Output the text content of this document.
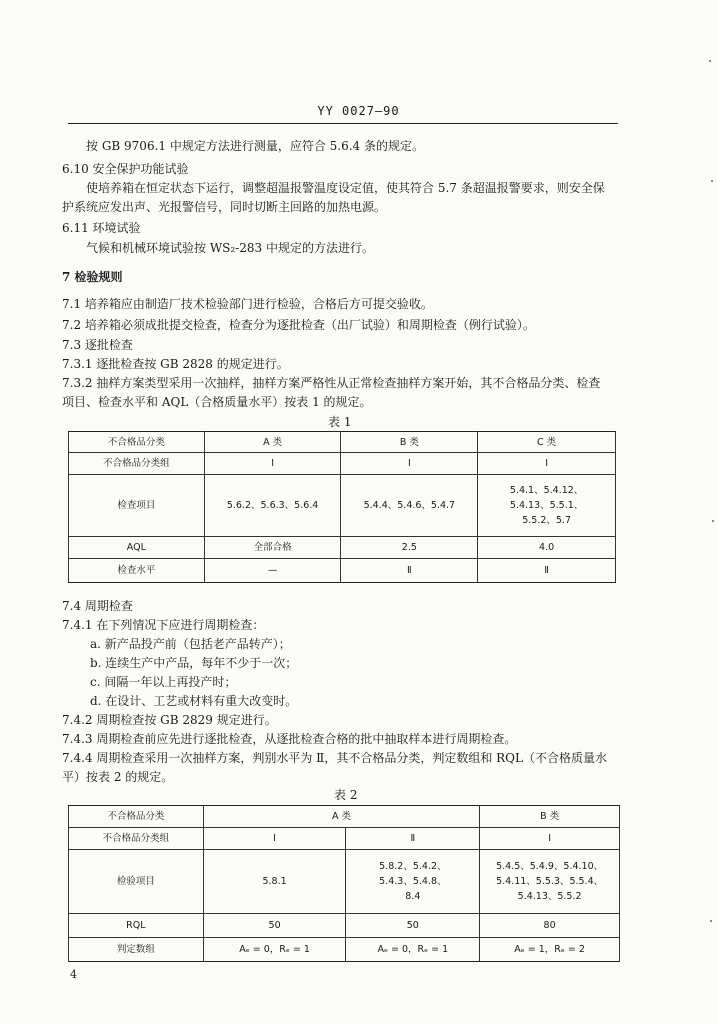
YY 0027—90
按 GB 9706.1 中规定方法进行测量，应符合 5.6.4 条的规定。
6.10 安全保护功能试验
使培养箱在恒定状态下运行，调整超温报警温度设定值，使其符合 5.7 条超温报警要求，则安全保
护系统应发出声、光报警信号，同时切断主回路的加热电源。
6.11 环境试验
气候和机械环境试验按 WS₂-283 中规定的方法进行。
7 检验规则
7.1 培养箱应由制造厂技术检验部门进行检验，合格后方可提交验收。
7.2 培养箱必须成批提交检查，检查分为逐批检查（出厂试验）和周期检查（例行试验）。
7.3 逐批检查
7.3.1 逐批检查按 GB 2828 的规定进行。
7.3.2 抽样方案类型采用一次抽样，抽样方案严格性从正常检查抽样方案开始，其不合格品分类、检查
项目、检查水平和 AQL（合格质量水平）按表 1 的规定。
表 1
不合格品分类	A 类	B 类	C 类
不合格品分类组	Ⅰ	Ⅰ	Ⅰ
检查项目	5.6.2、5.6.3、5.6.4	5.4.4、5.4.6、5.4.7	5.4.1、5.4.12、
5.4.13、5.5.1、
5.5.2、5.7
AQL	全部合格	2.5	4.0
检查水平	—	Ⅱ	Ⅱ
7.4 周期检查
7.4.1 在下列情况下应进行周期检查：
a. 新产品投产前（包括老产品转产）；
b. 连续生产中产品，每年不少于一次；
c. 间隔一年以上再投产时；
d. 在设计、工艺或材料有重大改变时。
7.4.2 周期检查按 GB 2829 规定进行。
7.4.3 周期检查前应先进行逐批检查，从逐批检查合格的批中抽取样本进行周期检查。
7.4.4 周期检查采用一次抽样方案，判别水平为 Ⅱ，其不合格品分类，判定数组和 RQL（不合格质量水
平）按表 2 的规定。
表 2
不合格品分类	A 类		B 类
不合格品分类组	Ⅰ	Ⅱ	Ⅰ
检验项目	5.8.1	5.8.2、5.4.2、
5.4.3、5.4.8、
8.4	5.4.5、5.4.9、5.4.10、
5.4.11、5.5.3、5.5.4、
5.4.13、5.5.2
RQL	50	50	80
判定数组	Aₑ = 0，Rₑ = 1	Aₑ = 0，Rₑ = 1	Aₑ = 1，Rₑ = 2
4
